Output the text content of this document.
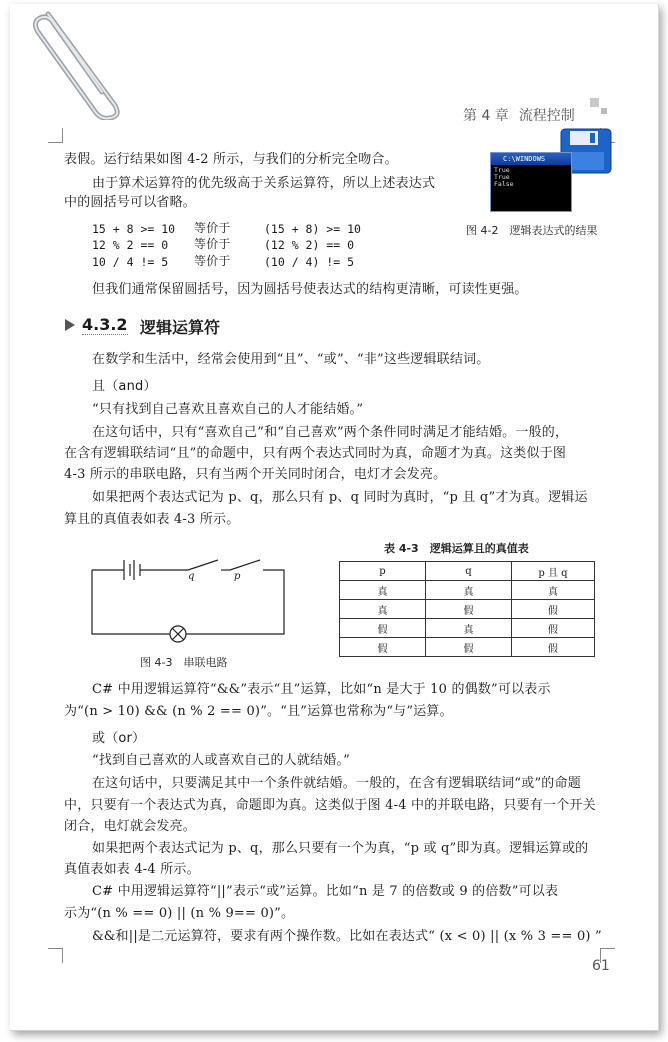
第 4 章 流程控制
C:\WINDOWS
True
True
False
图 4-2　逻辑表达式的结果
表假。运行结果如图 4-2 所示，与我们的分析完全吻合。
由于算术运算符的优先级高于关系运算符，所以上述表达式
中的圆括号可以省略。
15 + 8 >= 10 等价于	(15 + 8) >= 10
12 % 2 == 0 等价于	(12 % 2) == 0
10 / 4 != 5 等价于	(10 / 4) != 5
但我们通常保留圆括号，因为圆括号使表达式的结构更清晰，可读性更强。
4.3.2 逻辑运算符
在数学和生活中，经常会使用到“且”、“或”、“非”这些逻辑联结词。
且（and）
“只有找到自己喜欢且喜欢自己的人才能结婚。”
在这句话中，只有“喜欢自己”和“自己喜欢”两个条件同时满足才能结婚。一般的，
在含有逻辑联结词“且”的命题中，只有两个表达式同时为真，命题才为真。这类似于图
4-3 所示的串联电路，只有当两个开关同时闭合，电灯才会发亮。
如果把两个表达式记为 p、q，那么只有 p、q 同时为真时，“p 且 q”才为真。逻辑运
算且的真值表如表 4-3 所示。
q	p
图 4-3　串联电路
表 4-3　逻辑运算且的真值表
p	q	p 且 q
真	真	真
真	假	假
假	真	假
假	假	假
C# 中用逻辑运算符“&&”表示“且”运算，比如“n 是大于 10 的偶数”可以表示
为“(n > 10) && (n % 2 == 0)”。“且”运算也常称为“与”运算。
或（or）
“找到自己喜欢的人或喜欢自己的人就结婚。”
在这句话中，只要满足其中一个条件就结婚。一般的，在含有逻辑联结词“或”的命题
中，只要有一个表达式为真，命题即为真。这类似于图 4-4 中的并联电路，只要有一个开关
闭合，电灯就会发亮。
如果把两个表达式记为 p、q，那么只要有一个为真，“p 或 q”即为真。逻辑运算或的
真值表如表 4-4 所示。
C# 中用逻辑运算符“||”表示“或”运算。比如“n 是 7 的倍数或 9 的倍数”可以表
示为“(n % == 0) || (n % 9== 0)”。
&&和||是二元运算符，要求有两个操作数。比如在表达式“ (x < 0) || (x % 3 == 0) ”
61
